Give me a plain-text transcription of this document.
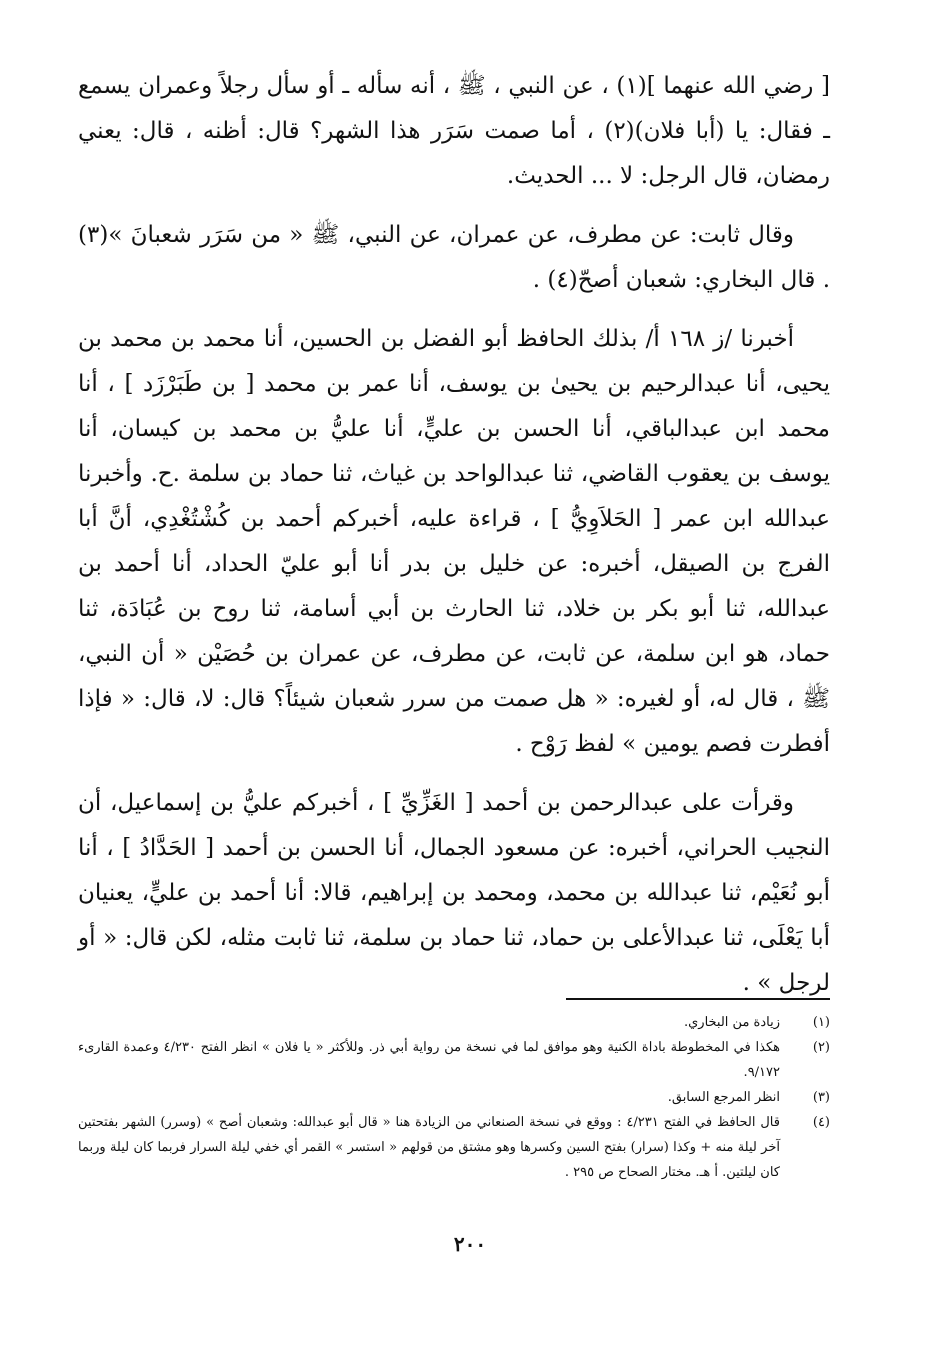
[ رضي الله عنهما ](١) ، عن النبي ، ﷺ ، أنه سأله ـ أو سأل رجلاً وعمران يسمع ـ فقال: يا (أبا فلان)(٢) ، أما صمت سَرَر هذا الشهر؟ قال: أظنه ، قال: يعني رمضان، قال الرجل: لا ... الحديث.

وقال ثابت: عن مطرف، عن عمران، عن النبي، ﷺ « من سَرَر شعبانَ »(٣) . قال البخاري: شعبان أصحّ(٤) .

أخبرنا /ز ١٦٨ أ/ بذلك الحافظ أبو الفضل بن الحسين، أنا محمد بن محمد بن يحيى، أنا عبدالرحيم بن يحيىٰ بن يوسف، أنا عمر بن محمد [ بن طَبَرْزَد ] ، أنا محمد ابن عبدالباقي، أنا الحسن بن عليٍّ، أنا عليُّ بن محمد بن كيسان، أنا يوسف بن يعقوب القاضي، ثنا عبدالواحد بن غياث، ثنا حماد بن سلمة .ح. وأخبرنا عبدالله ابن عمر [ الحَلاَوِيُّ ] ، قراءة عليه، أخبركم أحمد بن كُشْتُغْدِي، أنَّ أبا الفرج بن الصيقل، أخبره: عن خليل بن بدر أنا أبو عليّ الحداد، أنا أحمد بن عبدالله، ثنا أبو بكر بن خلاد، ثنا الحارث بن أبي أسامة، ثنا روح بن عُبَادَة، ثنا حماد، هو ابن سلمة، عن ثابت، عن مطرف، عن عمران بن حُصَيْن « أن النبي، ﷺ ، قال له، أو لغيره: « هل صمت من سرر شعبان شيئاً؟ قال: لا، قال: « فإذا أفطرت فصم يومين » لفظ رَوْح .

وقرأت على عبدالرحمن بن أحمد [ الغَزِّيِّ ] ، أخبركم عليُّ بن إسماعيل، أن النجيب الحراني، أخبره: عن مسعود الجمال، أنا الحسن بن أحمد [ الحَدَّادُ ] ، أنا أبو نُعَيْم، ثنا عبدالله بن محمد، ومحمد بن إبراهيم، قالا: أنا أحمد بن عليٍّ، يعنيان أبا يَعْلَى، ثنا عبدالأعلى بن حماد، ثنا حماد بن سلمة، ثنا ثابت مثله، لكن قال: « أو لرجل » .

(١)
زيادة من البخاري.
(٢)
هكذا في المخطوطة باداة الكنية وهو موافق لما في نسخة من رواية أبي ذر. وللأكثر « يا فلان » انظر الفتح ٤/٢٣٠ وعمدة القارىء ٩/١٧٢.
(٣)
انظر المرجع السابق.
(٤)
قال الحافظ في الفتح ٤/٢٣١ : ووقع في نسخة الصنعاني من الزيادة هنا « قال أبو عبدالله: وشعبان أصح » (وسرر) الشهر بفتحتين آخر ليلة منه + وكذا (سرار) بفتح السين وكسرها وهو مشتق من قولهم « استسر » القمر أي خفي ليلة السرار فربما كان ليلة وربما كان ليلتين. أ هـ. مختار الصحاح ص ٢٩٥ .
٢٠٠
